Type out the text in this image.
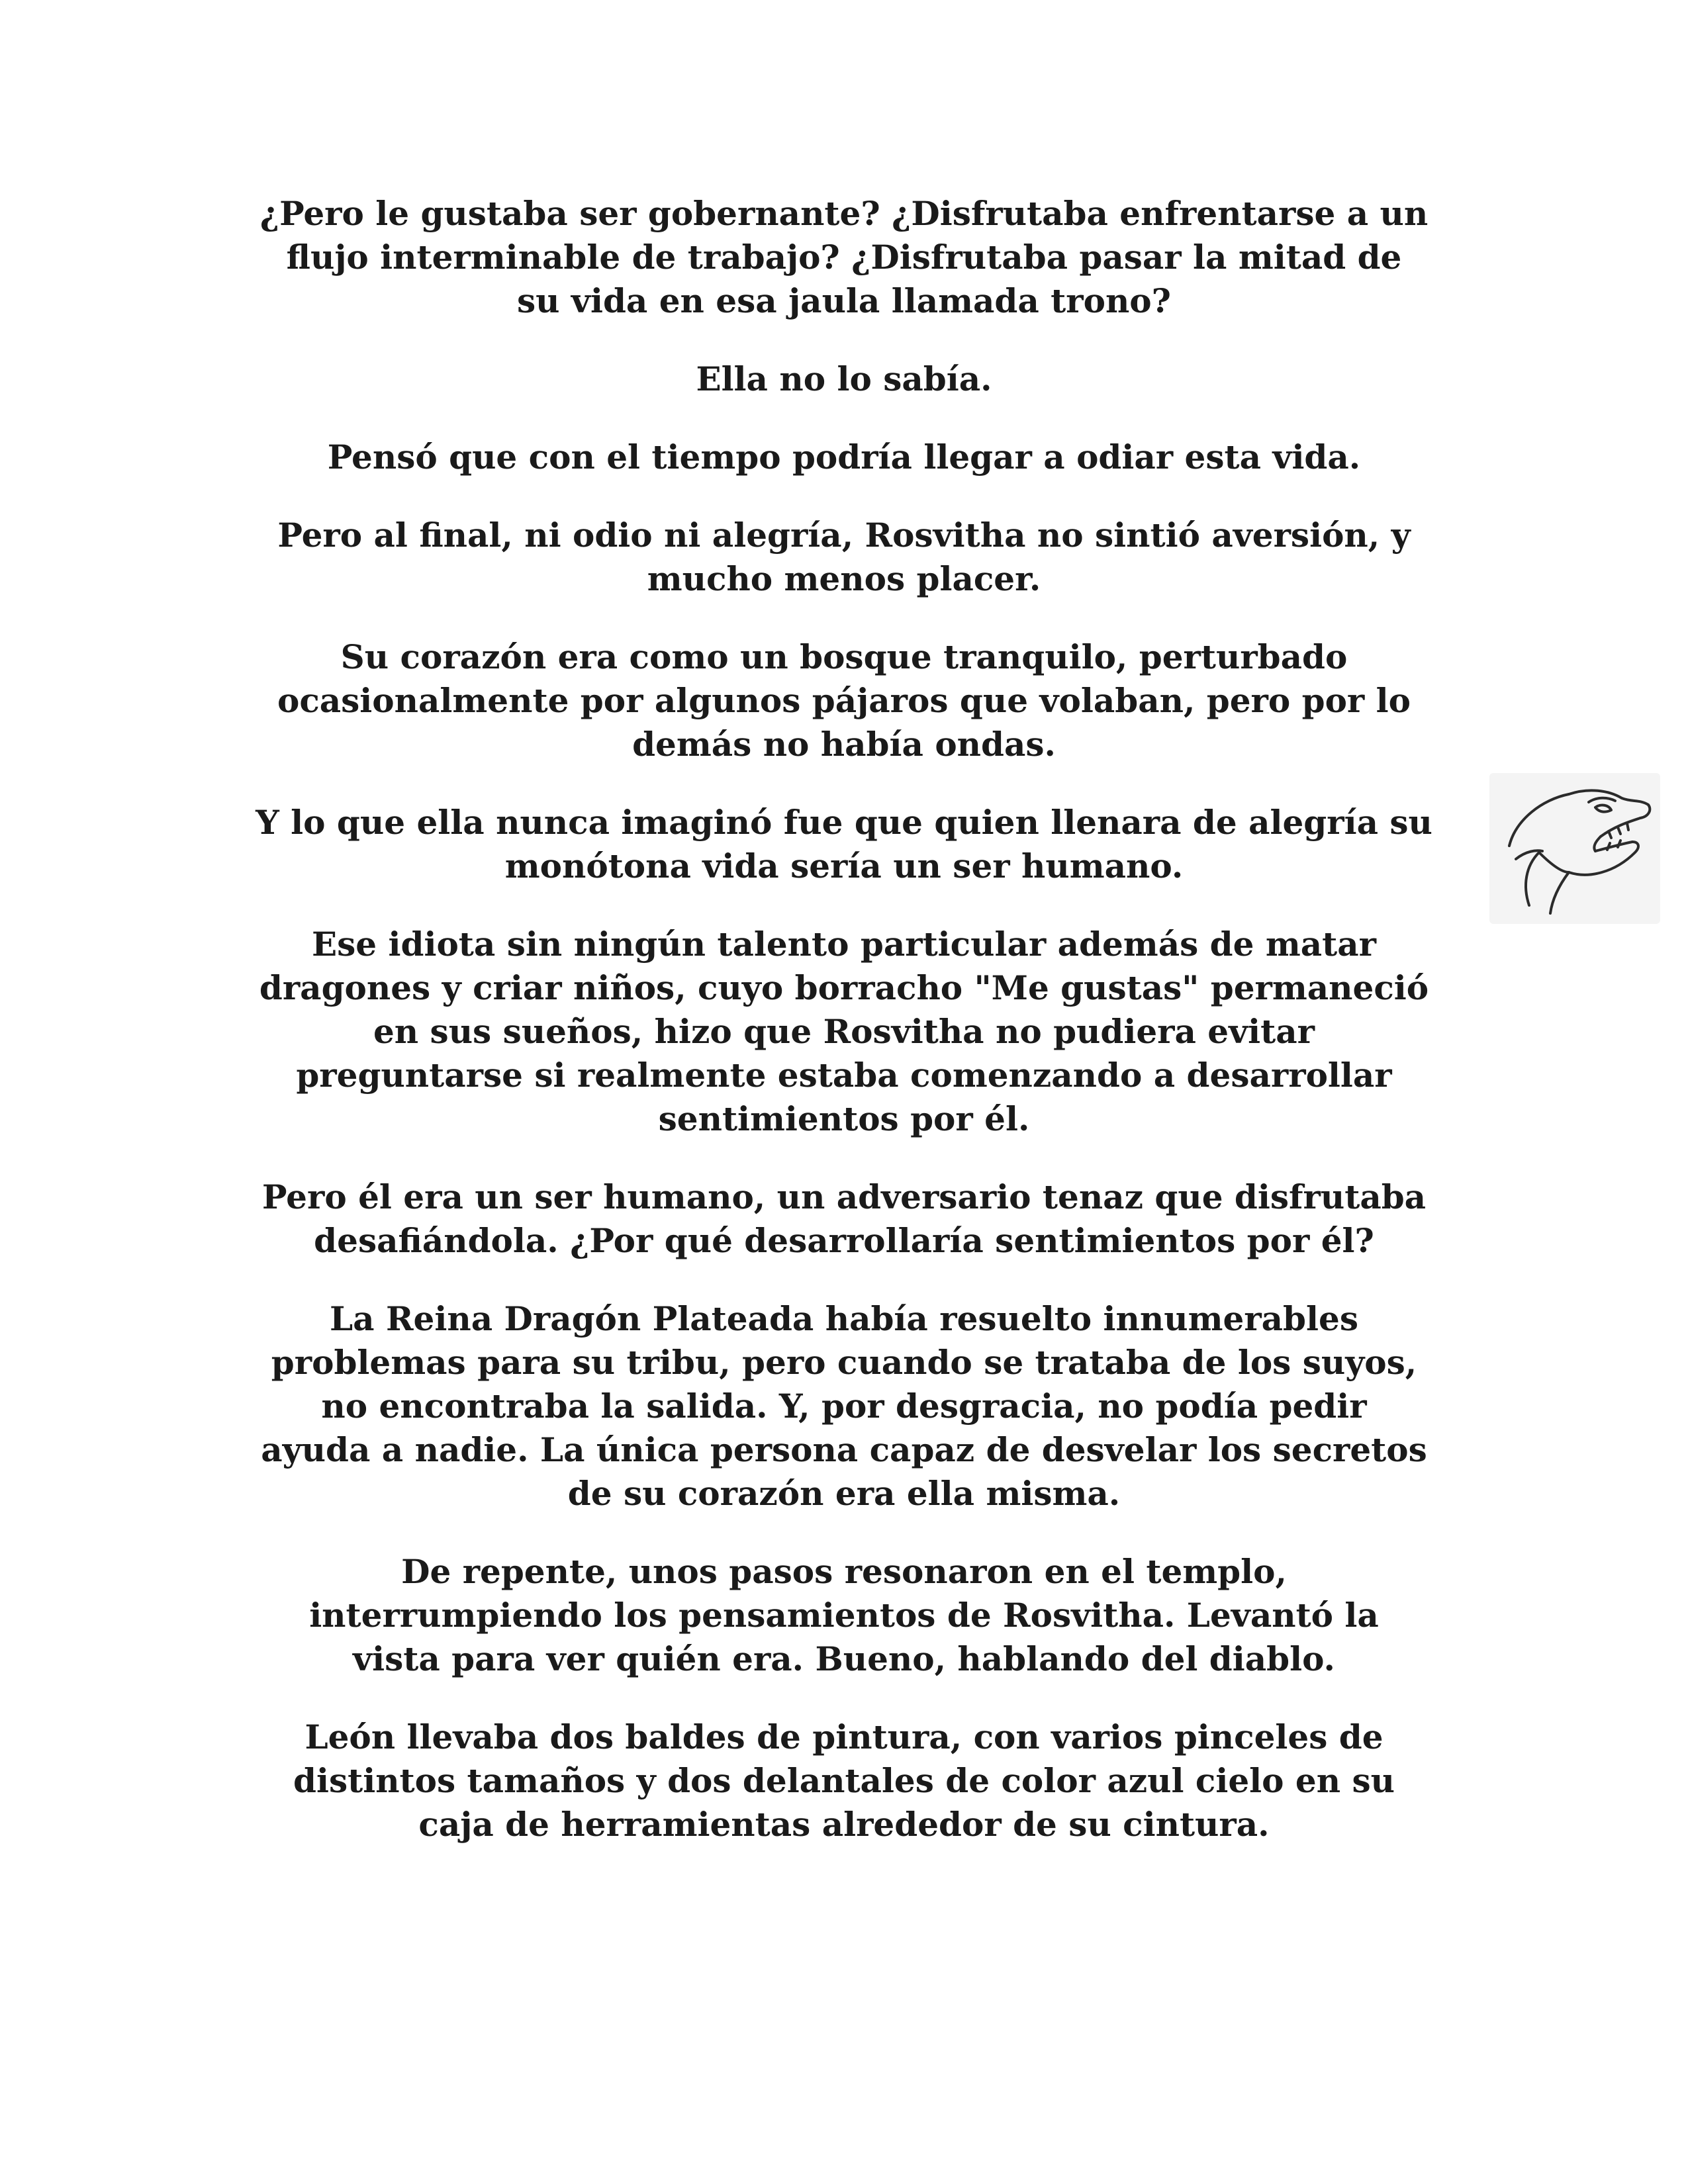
¿Pero le gustaba ser gobernante? ¿Disfrutaba enfrentarse a un
flujo interminable de trabajo? ¿Disfrutaba pasar la mitad de
su vida en esa jaula llamada trono?

Ella no lo sabía.

Pensó que con el tiempo podría llegar a odiar esta vida.

Pero al final, ni odio ni alegría, Rosvitha no sintió aversión, y
mucho menos placer.

Su corazón era como un bosque tranquilo, perturbado
ocasionalmente por algunos pájaros que volaban, pero por lo
demás no había ondas.

Y lo que ella nunca imaginó fue que quien llenara de alegría su
monótona vida sería un ser humano.

Ese idiota sin ningún talento particular además de matar
dragones y criar niños, cuyo borracho "Me gustas" permaneció
en sus sueños, hizo que Rosvitha no pudiera evitar
preguntarse si realmente estaba comenzando a desarrollar
sentimientos por él.

Pero él era un ser humano, un adversario tenaz que disfrutaba
desafiándola. ¿Por qué desarrollaría sentimientos por él?

La Reina Dragón Plateada había resuelto innumerables
problemas para su tribu, pero cuando se trataba de los suyos,
no encontraba la salida. Y, por desgracia, no podía pedir
ayuda a nadie. La única persona capaz de desvelar los secretos
de su corazón era ella misma.

De repente, unos pasos resonaron en el templo,
interrumpiendo los pensamientos de Rosvitha. Levantó la
vista para ver quién era. Bueno, hablando del diablo.

León llevaba dos baldes de pintura, con varios pinceles de
distintos tamaños y dos delantales de color azul cielo en su
caja de herramientas alrededor de su cintura.
